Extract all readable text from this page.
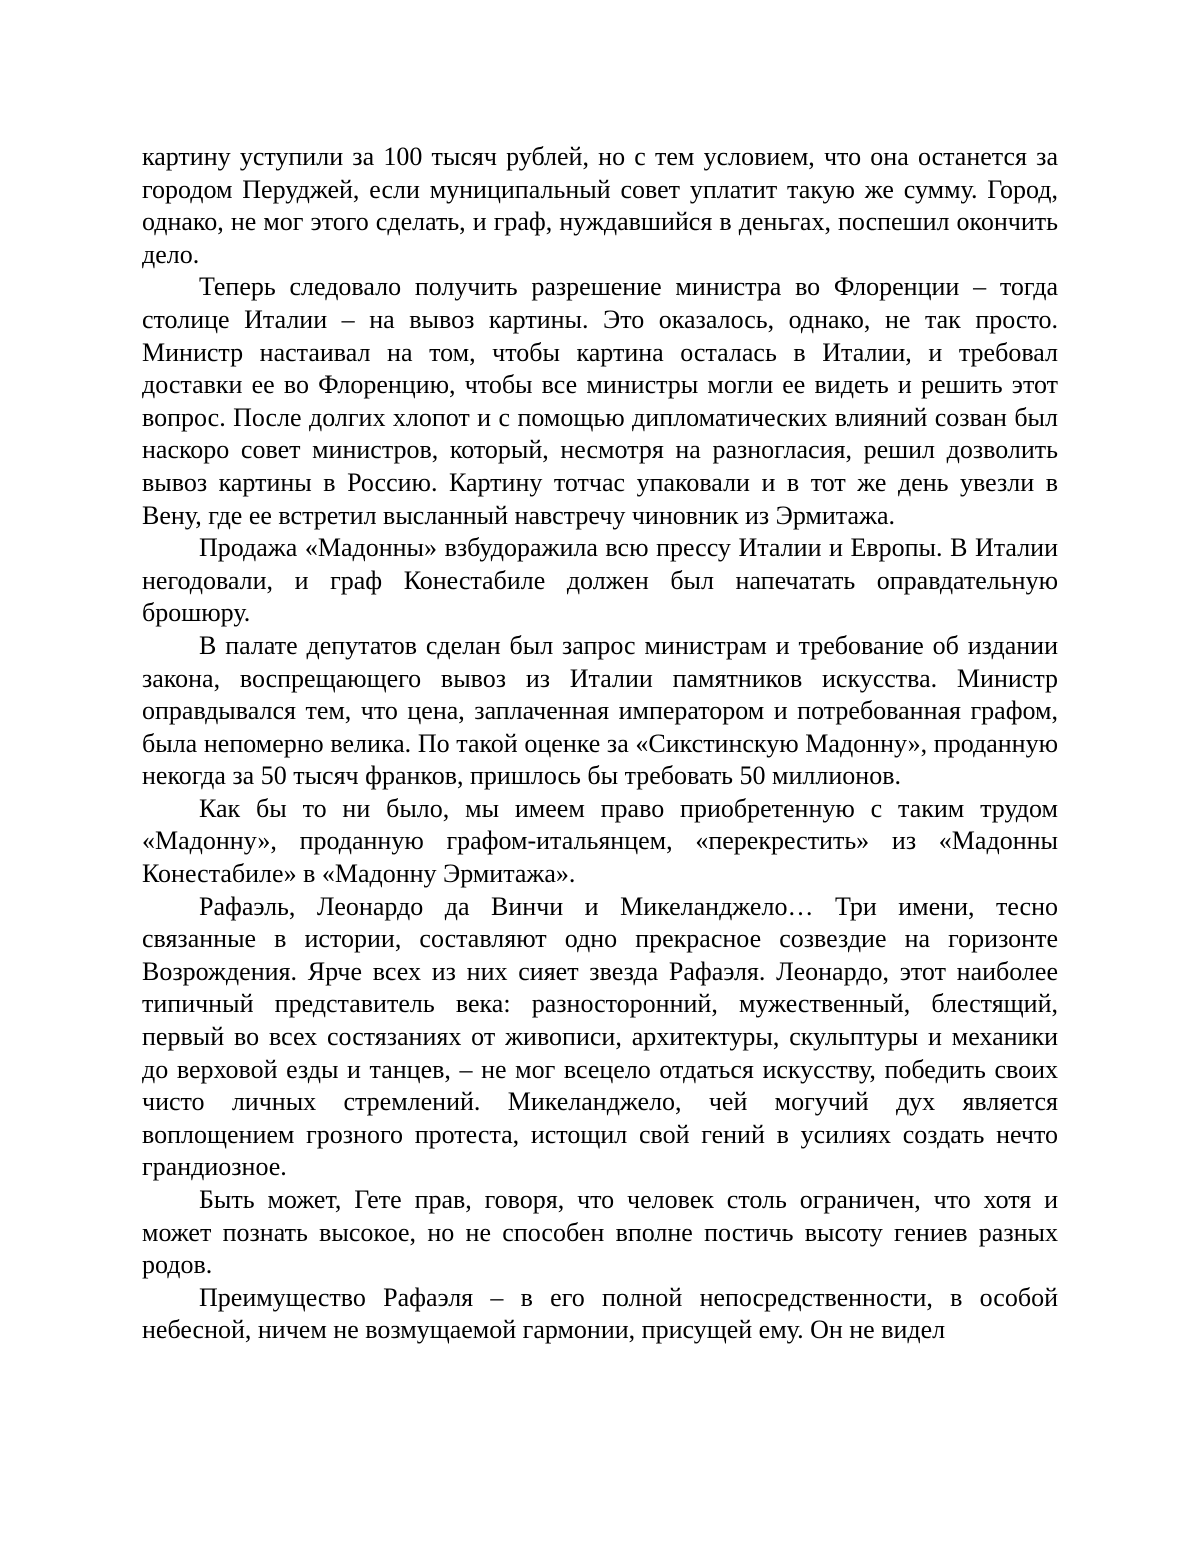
картину уступили за 100 тысяч рублей, но с тем условием, что она останется за городом Перуджей, если муниципальный совет уплатит такую же сумму. Город, однако, не мог этого сделать, и граф, нуждавшийся в деньгах, поспешил окончить дело.

Теперь следовало получить разрешение министра во Флоренции – тогда столице Италии – на вывоз картины. Это оказалось, однако, не так просто. Министр настаивал на том, чтобы картина осталась в Италии, и требовал доставки ее во Флоренцию, чтобы все министры могли ее видеть и решить этот вопрос. После долгих хлопот и с помощью дипломатических влияний созван был наскоро совет министров, который, несмотря на разногласия, решил дозволить вывоз картины в Россию. Картину тотчас упаковали и в тот же день увезли в Вену, где ее встретил высланный навстречу чиновник из Эрмитажа.

Продажа «Мадонны» взбудоражила всю прессу Италии и Европы. В Италии негодовали, и граф Конестабиле должен был напечатать оправдательную брошюру.

В палате депутатов сделан был запрос министрам и требование об издании закона, воспрещающего вывоз из Италии памятников искусства. Министр оправдывался тем, что цена, заплаченная императором и потребованная графом, была непомерно велика. По такой оценке за «Сикстинскую Мадонну», проданную некогда за 50 тысяч франков, пришлось бы требовать 50 миллионов.

Как бы то ни было, мы имеем право приобретенную с таким трудом «Мадонну», проданную графом-итальянцем, «перекрестить» из «Мадонны Конестабиле» в «Мадонну Эрмитажа».

Рафаэль, Леонардо да Винчи и Микеланджело… Три имени, тесно связанные в истории, составляют одно прекрасное созвездие на горизонте Возрождения. Ярче всех из них сияет звезда Рафаэля. Леонардо, этот наиболее типичный представитель века: разносторонний, мужественный, блестящий, первый во всех состязаниях от живописи, архитектуры, скульптуры и механики до верховой езды и танцев, – не мог всецело отдаться искусству, победить своих чисто личных стремлений. Микеланджело, чей могучий дух является воплощением грозного протеста, истощил свой гений в усилиях создать нечто грандиозное.

Быть может, Гете прав, говоря, что человек столь ограничен, что хотя и может познать высокое, но не способен вполне постичь высоту гениев разных родов.

Преимущество Рафаэля – в его полной непосредственности, в особой небесной, ничем не возмущаемой гармонии, присущей ему. Он не видел
